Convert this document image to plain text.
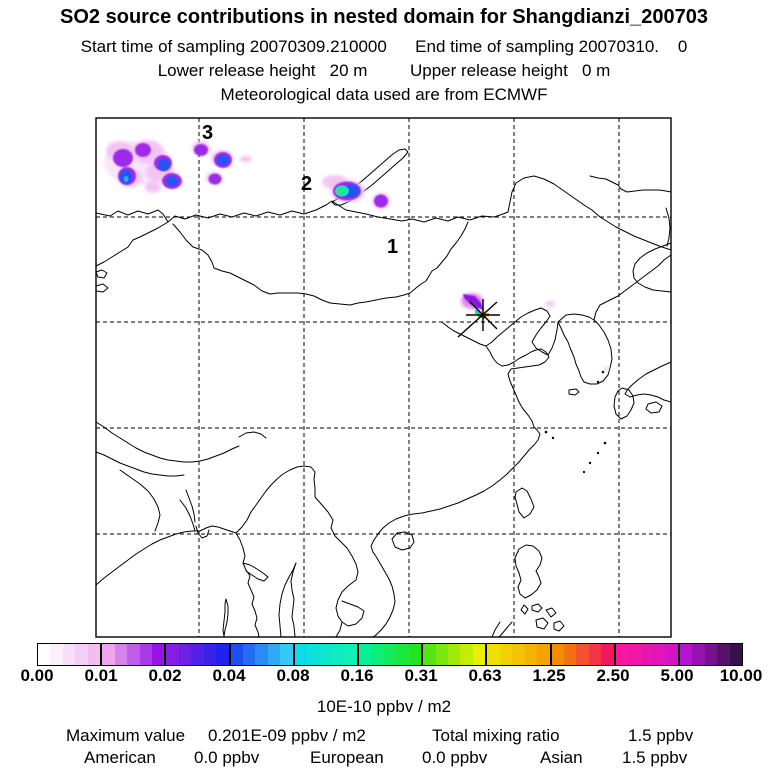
SO2 source contributions in nested domain for Shangdianzi_200703
Start time of sampling 20070309.210000      End time of sampling 20070310.    0
Lower release height   20 m         Upper release height   0 m
Meteorological data used are from ECMWF
1
2
3
0.00 0.01 0.02 0.04 0.08 0.16 0.31 0.63 1.25 2.50 5.00 10.00
10E-10 ppbv / m2
Maximum value 0.201E-09 ppbv / m2	Total mixing ratio	1.5 ppbv
American 0.0 ppbv	European 0.0 ppbv	Asian 1.5 ppbv
